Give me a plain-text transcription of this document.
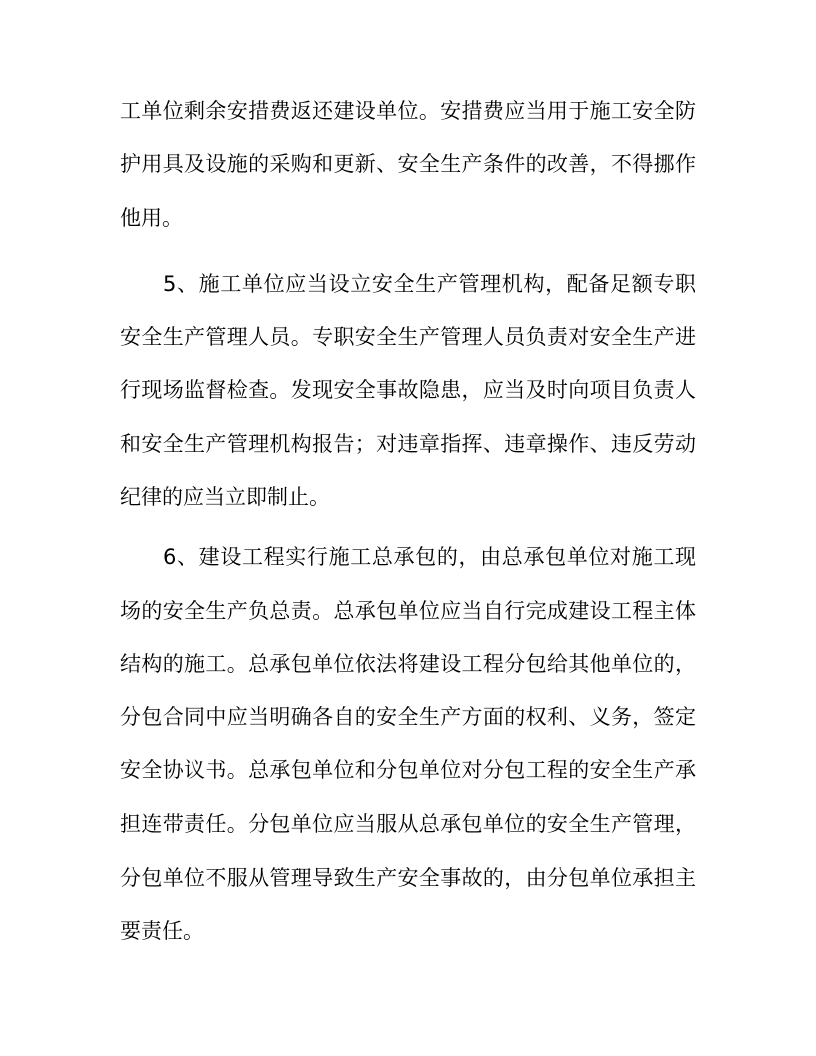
工单位剩余安措费返还建设单位。安措费应当用于施工安全防
护用具及设施的采购和更新、安全生产条件的改善，不得挪作
他用。
5、施工单位应当设立安全生产管理机构，配备足额专职
安全生产管理人员。专职安全生产管理人员负责对安全生产进
行现场监督检查。发现安全事故隐患，应当及时向项目负责人
和安全生产管理机构报告；对违章指挥、违章操作、违反劳动
纪律的应当立即制止。
6、建设工程实行施工总承包的，由总承包单位对施工现
场的安全生产负总责。总承包单位应当自行完成建设工程主体
结构的施工。总承包单位依法将建设工程分包给其他单位的，
分包合同中应当明确各自的安全生产方面的权利、义务，签定
安全协议书。总承包单位和分包单位对分包工程的安全生产承
担连带责任。分包单位应当服从总承包单位的安全生产管理，
分包单位不服从管理导致生产安全事故的，由分包单位承担主
要责任。
